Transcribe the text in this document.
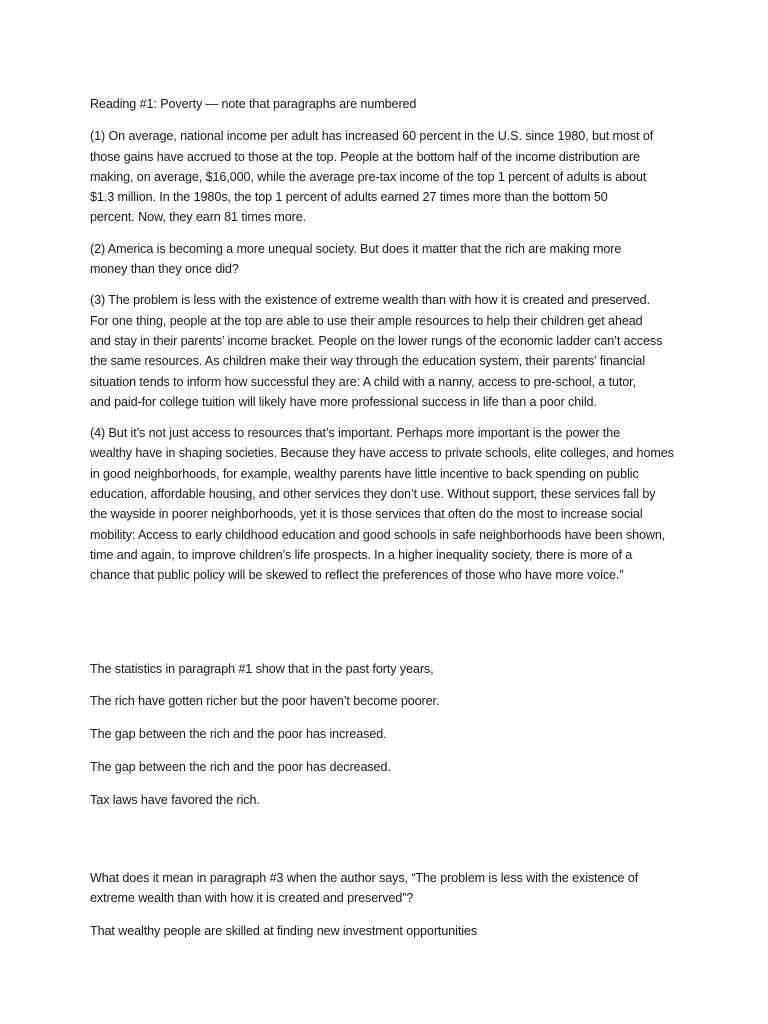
Reading #1: Poverty — note that paragraphs are numbered

(1) On average, national income per adult has increased 60 percent in the U.S. since 1980, but most of
those gains have accrued to those at the top. People at the bottom half of the income distribution are
making, on average, $16,000, while the average pre-tax income of the top 1 percent of adults is about
$1.3 million. In the 1980s, the top 1 percent of adults earned 27 times more than the bottom 50
percent. Now, they earn 81 times more.

(2) America is becoming a more unequal society. But does it matter that the rich are making more
money than they once did?

(3) The problem is less with the existence of extreme wealth than with how it is created and preserved.
For one thing, people at the top are able to use their ample resources to help their children get ahead
and stay in their parents’ income bracket. People on the lower rungs of the economic ladder can’t access
the same resources. As children make their way through the education system, their parents’ financial
situation tends to inform how successful they are: A child with a nanny, access to pre-school, a tutor,
and paid-for college tuition will likely have more professional success in life than a poor child.

(4) But it’s not just access to resources that’s important. Perhaps more important is the power the
wealthy have in shaping societies. Because they have access to private schools, elite colleges, and homes
in good neighborhoods, for example, wealthy parents have little incentive to back spending on public
education, affordable housing, and other services they don’t use. Without support, these services fall by
the wayside in poorer neighborhoods, yet it is those services that often do the most to increase social
mobility: Access to early childhood education and good schools in safe neighborhoods have been shown,
time and again, to improve children’s life prospects. In a higher inequality society, there is more of a
chance that public policy will be skewed to reflect the preferences of those who have more voice.”

The statistics in paragraph #1 show that in the past forty years,

The rich have gotten richer but the poor haven’t become poorer.

The gap between the rich and the poor has increased.

The gap between the rich and the poor has decreased.

Tax laws have favored the rich.

What does it mean in paragraph #3 when the author says, “The problem is less with the existence of
extreme wealth than with how it is created and preserved”?

That wealthy people are skilled at finding new investment opportunities
